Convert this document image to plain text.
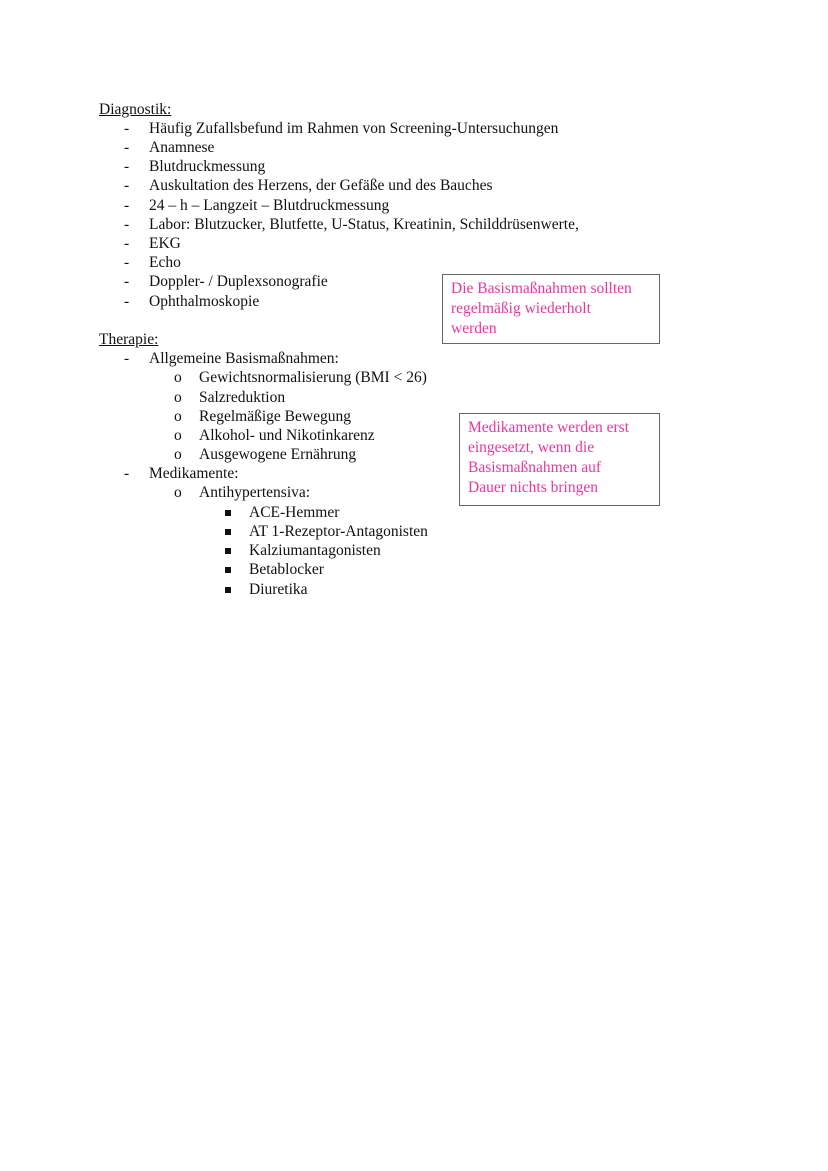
Diagnostik:
- Häufig Zufallsbefund im Rahmen von Screening-Untersuchungen
- Anamnese
- Blutdruckmessung
- Auskultation des Herzens, der Gefäße und des Bauches
- 24 – h – Langzeit – Blutdruckmessung
- Labor: Blutzucker, Blutfette, U-Status, Kreatinin, Schilddrüsenwerte,
- EKG
- Echo
- Doppler- / Duplexsonografie
- Ophthalmoskopie
Therapie:
- Allgemeine Basismaßnahmen:
o Gewichtsnormalisierung (BMI < 26)
o Salzreduktion
o Regelmäßige Bewegung
o Alkohol- und Nikotinkarenz
o Ausgewogene Ernährung
- Medikamente:
o Antihypertensiva:
ACE-Hemmer
AT 1-Rezeptor-Antagonisten
Kalziumantagonisten
Betablocker
Diuretika
Die Basismaßnahmen sollten
regelmäßig wiederholt
werden
Medikamente werden erst
eingesetzt, wenn die
Basismaßnahmen auf
Dauer nichts bringen
